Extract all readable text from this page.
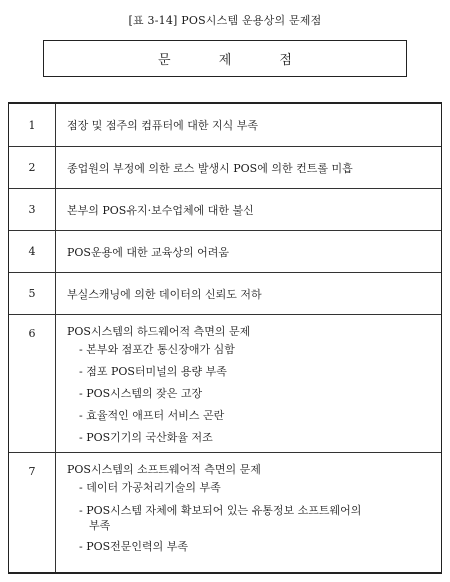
[표 3-14] POS시스템 운용상의 문제점
문 제 점
1	점장 및 점주의 컴퓨터에 대한 지식 부족
2	종업원의 부정에 의한 로스 발생시 POS에 의한 컨트롤 미흡
3	본부의 POS유지·보수업체에 대한 불신
4	POS운용에 대한 교육상의 어려움
5	부실스캐닝에 의한 데이터의 신뢰도 저하
6	POS시스템의 하드웨어적 측면의 문제
- 본부와 점포간 통신장애가 심함
- 점포 POS터미널의 용량 부족
- POS시스템의 잦은 고장
- 효율적인 애프터 서비스 곤란
- POS기기의 국산화율 저조
7	POS시스템의 소프트웨어적 측면의 문제
- 데이터 가공처리기술의 부족
- POS시스템 자체에 확보되어 있는 유통정보 소프트웨어의
부족
- POS전문인력의 부족
